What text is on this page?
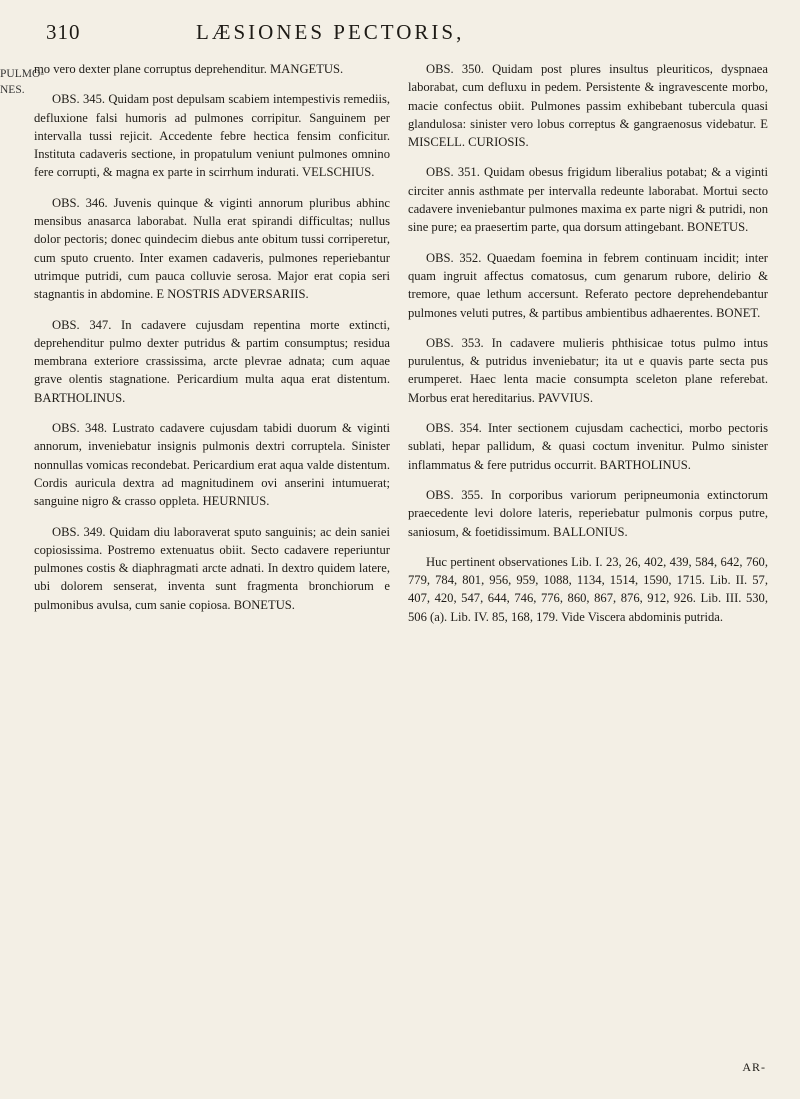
310	LÆSIONES PECTORIS,
PULMO-NES.

mo vero dexter plane corruptus deprehenditur. MANGETUS.

OBS. 345. Quidam post depulsam scabiem intempestivis remediis, defluxione falsi humoris ad pulmones corripitur. Sanguinem per intervalla tussi rejicit. Accedente febre hectica fensim conficitur. Instituta cadaveris sectione, in propatulum veniunt pulmones omnino fere corrupti, & magna ex parte in scirrhum indurati. VELSCHIUS.

OBS. 346. Juvenis quinque & viginti annorum pluribus abhinc mensibus anasarca laborabat. Nulla erat spirandi difficultas; nullus dolor pectoris; donec quindecim diebus ante obitum tussi corriperetur, cum sputo cruento. Inter examen cadaveris, pulmones reperiebantur utrimque putridi, cum pauca colluvie serosa. Major erat copia seri stagnantis in abdomine. E NOSTRIS ADVERSARIIS.

OBS. 347. In cadavere cujusdam repentina morte extincti, deprehenditur pulmo dexter putridus & partim consumptus; residua membrana exteriore crassissima, arcte plevrae adnata; cum aquae grave olentis stagnatione. Pericardium multa aqua erat distentum. BARTHOLINUS.

OBS. 348. Lustrato cadavere cujusdam tabidi duorum & viginti annorum, inveniebatur insignis pulmonis dextri corruptela. Sinister nonnullas vomicas recondebat. Pericardium erat aqua valde distentum. Cordis auricula dextra ad magnitudinem ovi anserini intumuerat; sanguine nigro & crasso oppleta. HEURNIUS.

OBS. 349. Quidam diu laboraverat sputo sanguinis; ac dein saniei copiosissima. Postremo extenuatus obiit. Secto cadavere reperiuntur pulmones costis & diaphragmati arcte adnati. In dextro quidem latere, ubi dolorem senserat, inventa sunt fragmenta bronchiorum e pulmonibus avulsa, cum sanie copiosa. BONETUS.

OBS. 350. Quidam post plures insultus pleuriticos, dyspnaea laborabat, cum defluxu in pedem. Persistente & ingravescente morbo, macie confectus obiit. Pulmones passim exhibebant tubercula quasi glandulosa: sinister vero lobus correptus & gangraenosus videbatur. E MISCELL. CURIOSIS.

OBS. 351. Quidam obesus frigidum liberalius potabat; & a viginti circiter annis asthmate per intervalla redeunte laborabat. Mortui secto cadavere inveniebantur pulmones maxima ex parte nigri & putridi, non sine pure; ea praesertim parte, qua dorsum attingebant. BONETUS.

OBS. 352. Quaedam foemina in febrem continuam incidit; inter quam ingruit affectus comatosus, cum genarum rubore, delirio & tremore, quae lethum accersunt. Referato pectore deprehendebantur pulmones veluti putres, & partibus ambientibus adhaerentes. BONET.

OBS. 353. In cadavere mulieris phthisicae totus pulmo intus purulentus, & putridus inveniebatur; ita ut e quavis parte secta pus erumperet. Haec lenta macie consumpta sceleton plane referebat. Morbus erat hereditarius. PAVVIUS.

OBS. 354. Inter sectionem cujusdam cachectici, morbo pectoris sublati, hepar pallidum, & quasi coctum invenitur. Pulmo sinister inflammatus & fere putridus occurrit. BARTHOLINUS.

OBS. 355. In corporibus variorum peripneumonia extinctorum praecedente levi dolore lateris, reperiebatur pulmonis corpus putre, saniosum, & foetidissimum. BALLONIUS.

Huc pertinent observationes Lib. I. 23, 26, 402, 439, 584, 642, 760, 779, 784, 801, 956, 959, 1088, 1134, 1514, 1590, 1715. Lib. II. 57, 407, 420, 547, 644, 746, 776, 860, 867, 876, 912, 926. Lib. III. 530, 506 (a). Lib. IV. 85, 168, 179. Vide Viscera abdominis putrida.

AR-
